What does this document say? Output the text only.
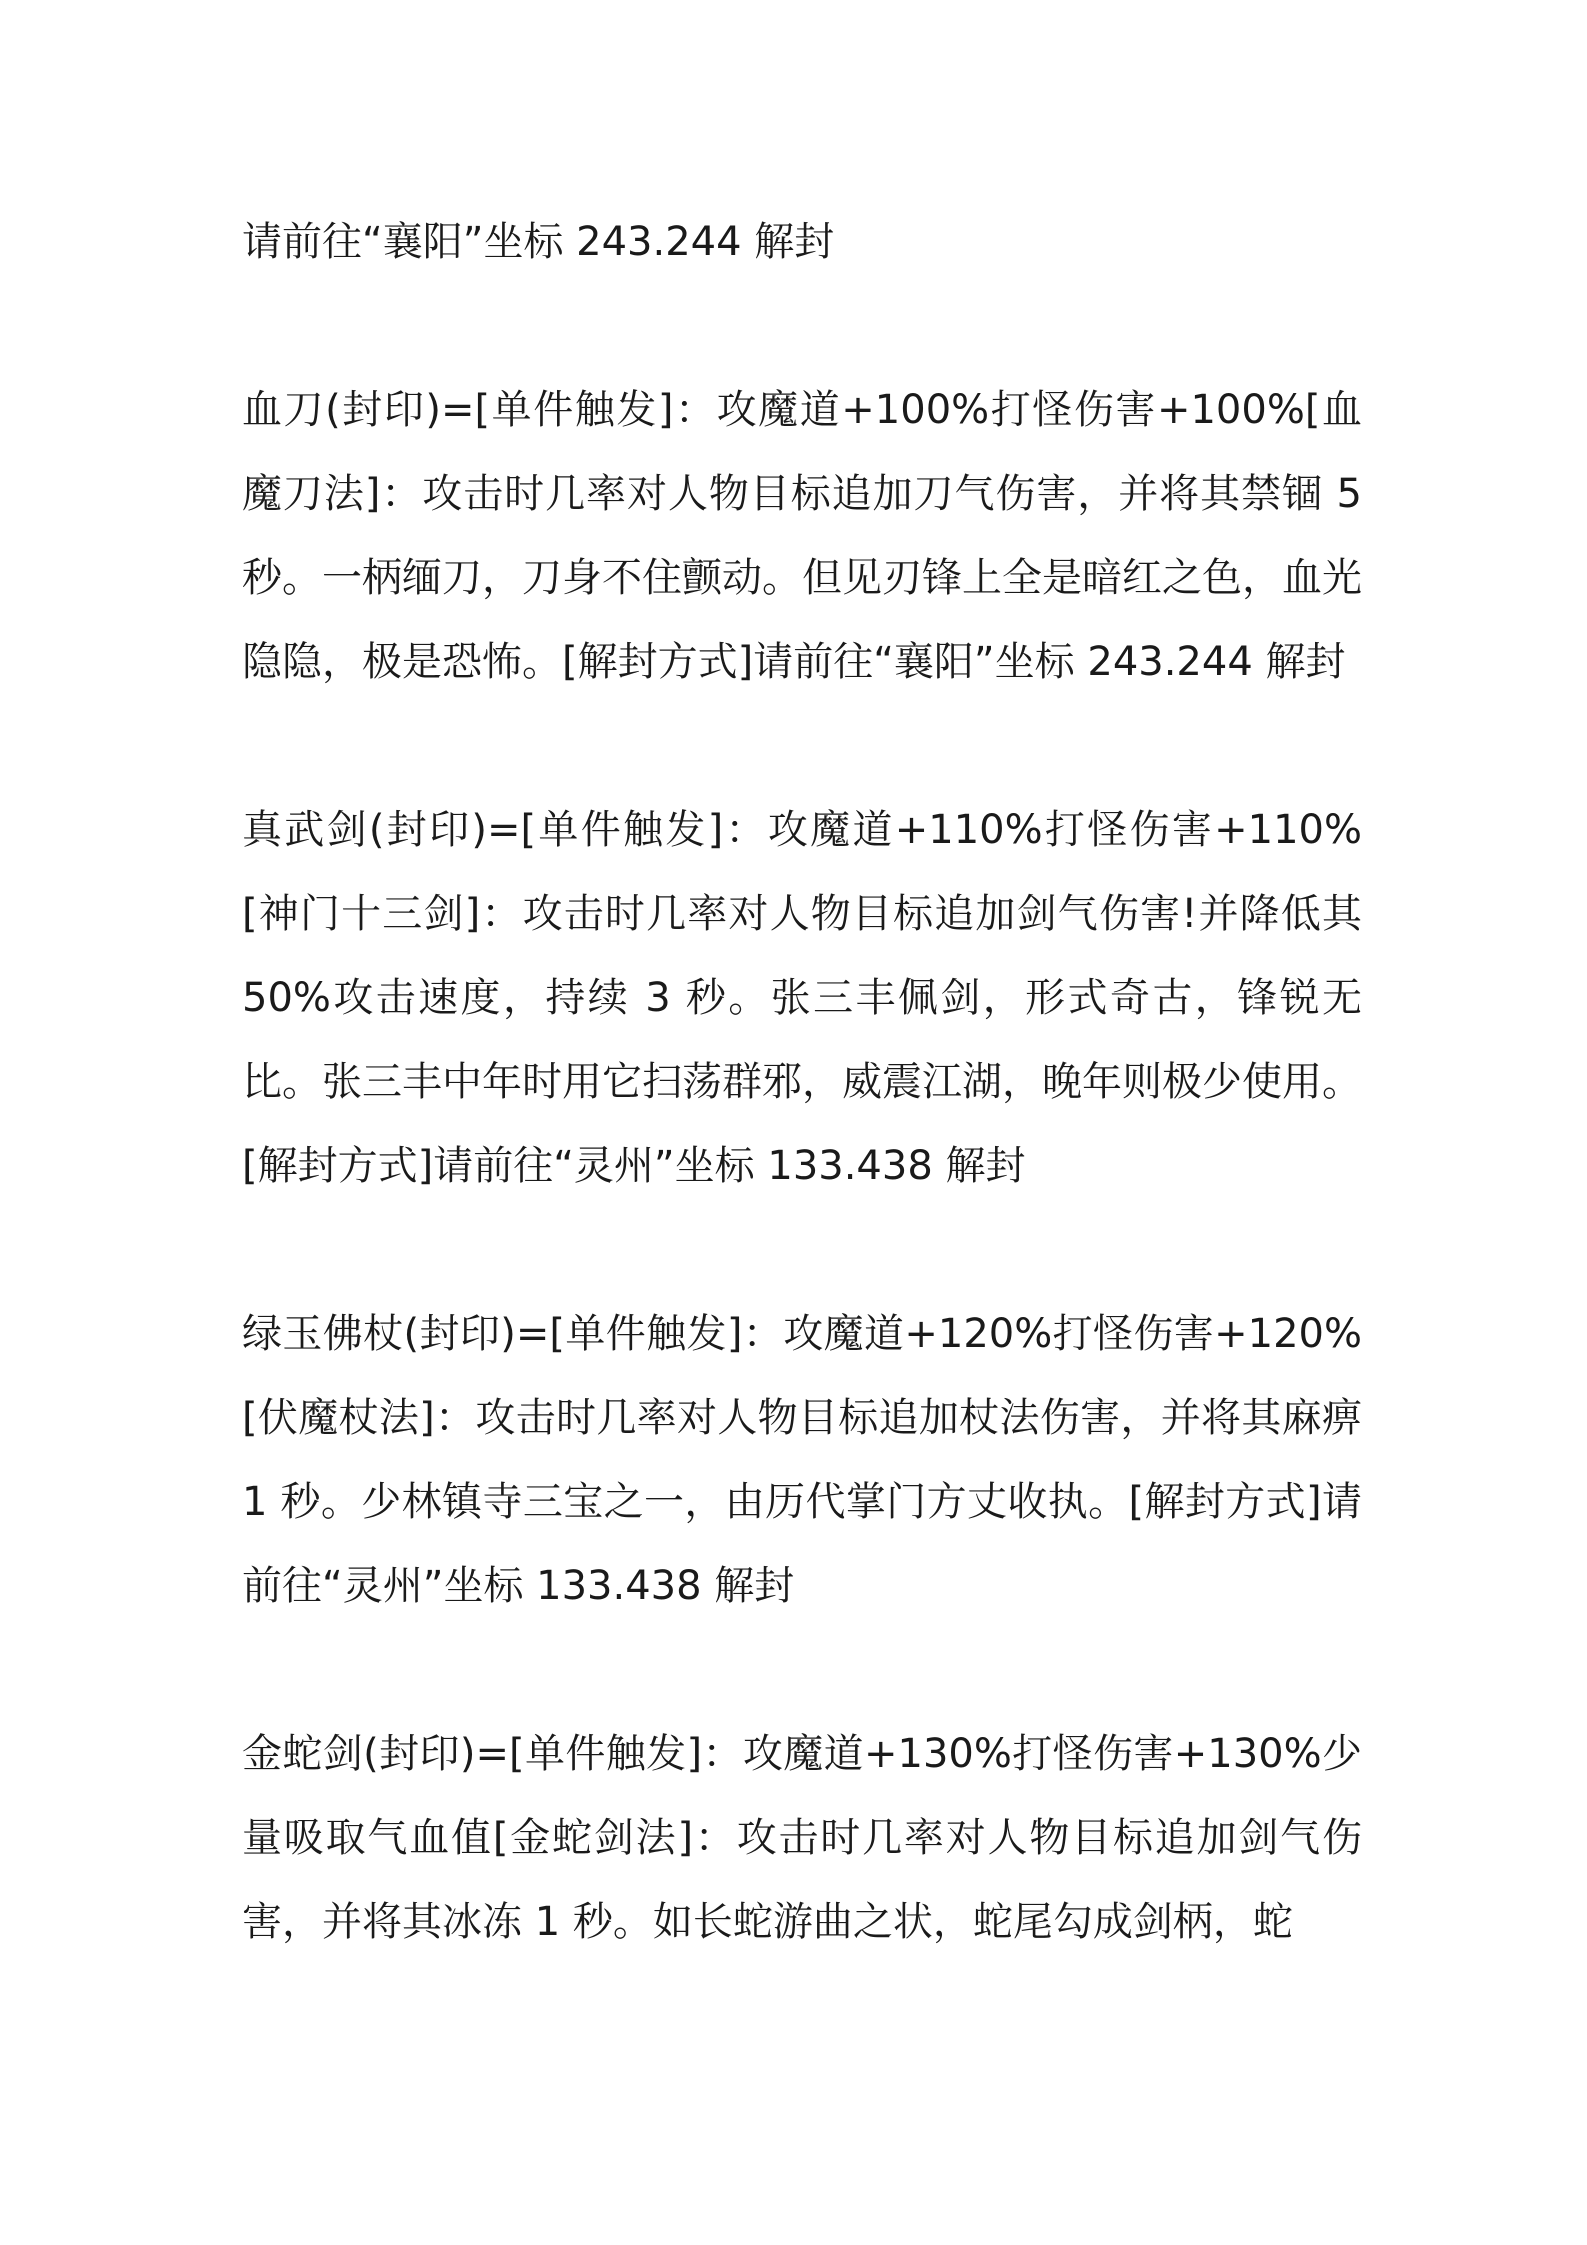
请前往“襄阳”坐标 243.244 解封

血刀(封印)=[单件触发]：攻魔道+100%打怪伤害+100%[血魔刀法]：攻击时几率对人物目标追加刀气伤害，并将其禁锢 5 秒。一柄缅刀，刀身不住颤动。但见刃锋上全是暗红之色，血光隐隐，极是恐怖。[解封方式]请前往“襄阳”坐标 243.244 解封

真武剑(封印)=[单件触发]：攻魔道+110%打怪伤害+110%[神门十三剑]：攻击时几率对人物目标追加剑气伤害!并降低其 50%攻击速度，持续 3 秒。张三丰佩剑，形式奇古，锋锐无比。张三丰中年时用它扫荡群邪，威震江湖，晚年则极少使用。[解封方式]请前往“灵州”坐标 133.438 解封

绿玉佛杖(封印)=[单件触发]：攻魔道+120%打怪伤害+120%[伏魔杖法]：攻击时几率对人物目标追加杖法伤害，并将其麻痹 1 秒。少林镇寺三宝之一，由历代掌门方丈收执。[解封方式]请前往“灵州”坐标 133.438 解封

金蛇剑(封印)=[单件触发]：攻魔道+130%打怪伤害+130%少量吸取气血值[金蛇剑法]：攻击时几率对人物目标追加剑气伤害，并将其冰冻 1 秒。如长蛇游曲之状，蛇尾勾成剑柄，蛇
